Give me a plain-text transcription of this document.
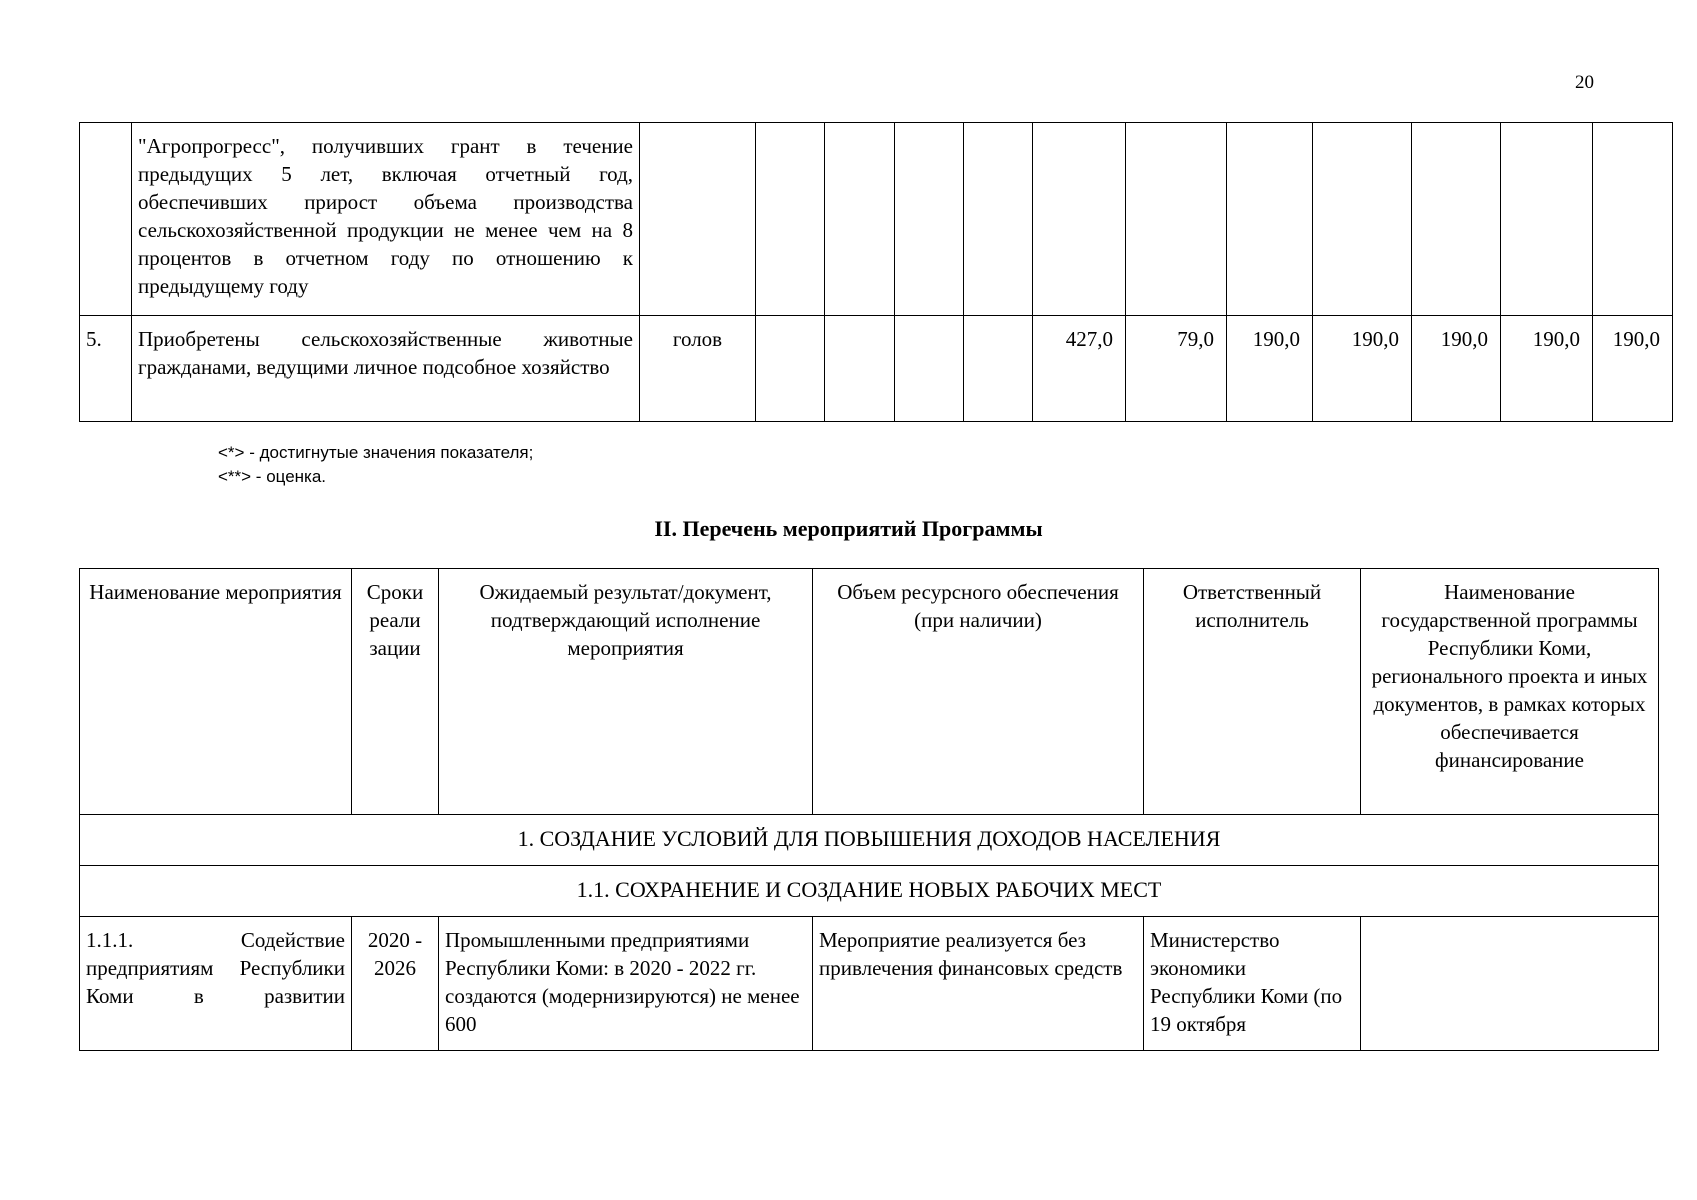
20
	"Агропрогресс", получивших грант в течение предыдущих 5 лет, включая отчетный год, обеспечивших прирост объема производства сельскохозяйственной продукции не менее чем на 8 процентов в отчетном году по отношению к предыдущему году												
5.	Приобретены сельскохозяйственные животные гражданами, ведущими личное подсобное хозяйство	голов					427,0	79,0	190,0	190,0	190,0	190,0	190,0
<*> - достигнутые значения показателя;
<**> - оценка.
II. Перечень мероприятий Программы
Наименование мероприятия	Сроки реали зации	Ожидаемый результат/документ, подтверждающий исполнение мероприятия	Объем ресурсного обеспечения (при наличии)	Ответственный исполнитель	Наименование государственной программы Республики Коми, регионального проекта и иных документов, в рамках которых обеспечивается финансирование
1. СОЗДАНИЕ УСЛОВИЙ ДЛЯ ПОВЫШЕНИЯ ДОХОДОВ НАСЕЛЕНИЯ					
1.1. СОХРАНЕНИЕ И СОЗДАНИЕ НОВЫХ РАБОЧИХ МЕСТ					
1.1.1. Содействие предприятиям Республики Коми в развитии	2020 - 2026	Промышленными предприятиями Республики Коми: в 2020 - 2022 гг. создаются (модернизируются) не менее 600	Мероприятие реализуется без привлечения финансовых средств	Министерство экономики Республики Коми (по 19 октября	
